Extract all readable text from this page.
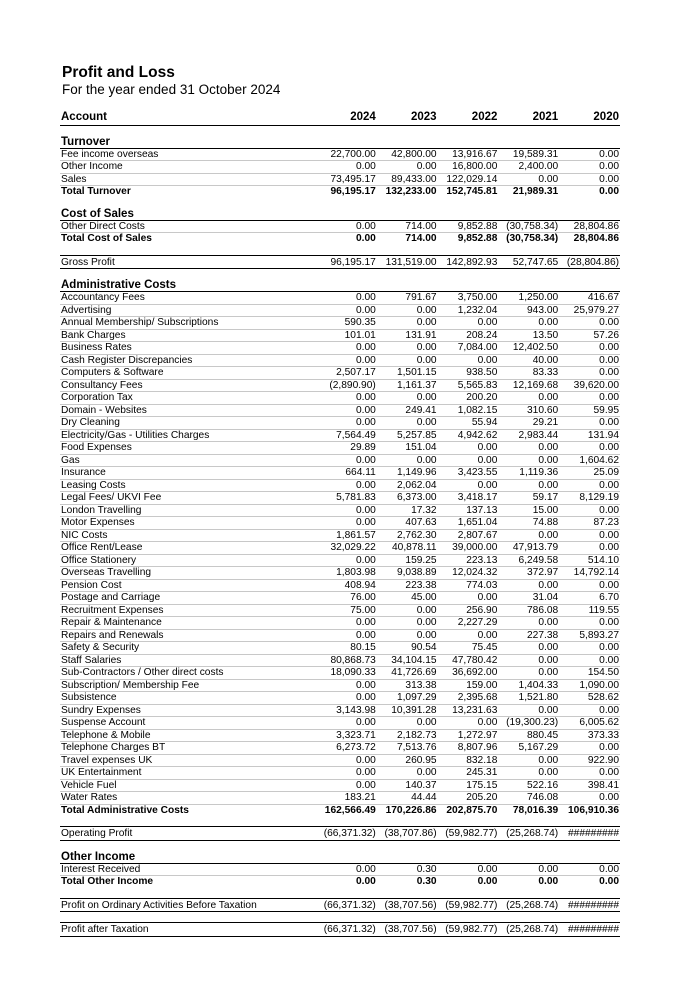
Profit and Loss
For the year ended 31 October 2024
Account	2024	2023	2022	2021	2020

Turnover					
Fee income overseas	22,700.00	42,800.00	13,916.67	19,589.31	0.00
Other Income	0.00	0.00	16,800.00	2,400.00	0.00
Sales	73,495.17	89,433.00	122,029.14	0.00	0.00
Total Turnover	96,195.17	132,233.00	152,745.81	21,989.31	0.00

Cost of Sales					
Other Direct Costs	0.00	714.00	9,852.88	(30,758.34)	28,804.86
Total Cost of Sales	0.00	714.00	9,852.88	(30,758.34)	28,804.86

Gross Profit	96,195.17	131,519.00	142,892.93	52,747.65	(28,804.86)

Administrative Costs					
Accountancy Fees	0.00	791.67	3,750.00	1,250.00	416.67
Advertising	0.00	0.00	1,232.04	943.00	25,979.27
Annual Membership/ Subscriptions	590.35	0.00	0.00	0.00	0.00
Bank Charges	101.01	131.91	208.24	13.50	57.26
Business Rates	0.00	0.00	7,084.00	12,402.50	0.00
Cash Register Discrepancies	0.00	0.00	0.00	40.00	0.00
Computers & Software	2,507.17	1,501.15	938.50	83.33	0.00
Consultancy Fees	(2,890.90)	1,161.37	5,565.83	12,169.68	39,620.00
Corporation Tax	0.00	0.00	200.20	0.00	0.00
Domain - Websites	0.00	249.41	1,082.15	310.60	59.95
Dry Cleaning	0.00	0.00	55.94	29.21	0.00
Electricity/Gas - Utilities Charges	7,564.49	5,257.85	4,942.62	2,983.44	131.94
Food Expenses	29.89	151.04	0.00	0.00	0.00
Gas	0.00	0.00	0.00	0.00	1,604.62
Insurance	664.11	1,149.96	3,423.55	1,119.36	25.09
Leasing Costs	0.00	2,062.04	0.00	0.00	0.00
Legal Fees/ UKVI Fee	5,781.83	6,373.00	3,418.17	59.17	8,129.19
London Travelling	0.00	17.32	137.13	15.00	0.00
Motor Expenses	0.00	407.63	1,651.04	74.88	87.23
NIC Costs	1,861.57	2,762.30	2,807.67	0.00	0.00
Office Rent/Lease	32,029.22	40,878.11	39,000.00	47,913.79	0.00
Office Stationery	0.00	159.25	223.13	6,249.58	514.10
Overseas Travelling	1,803.98	9,038.89	12,024.32	372.97	14,792.14
Pension Cost	408.94	223.38	774.03	0.00	0.00
Postage and Carriage	76.00	45.00	0.00	31.04	6.70
Recruitment Expenses	75.00	0.00	256.90	786.08	119.55
Repair & Maintenance	0.00	0.00	2,227.29	0.00	0.00
Repairs and Renewals	0.00	0.00	0.00	227.38	5,893.27
Safety & Security	80.15	90.54	75.45	0.00	0.00
Staff Salaries	80,868.73	34,104.15	47,780.42	0.00	0.00
Sub-Contractors / Other direct costs	18,090.33	41,726.69	36,692.00	0.00	154.50
Subscription/ Membership Fee	0.00	313.38	159.00	1,404.33	1,090.00
Subsistence	0.00	1,097.29	2,395.68	1,521.80	528.62
Sundry Expenses	3,143.98	10,391.28	13,231.63	0.00	0.00
Suspense Account	0.00	0.00	0.00	(19,300.23)	6,005.62
Telephone & Mobile	3,323.71	2,182.73	1,272.97	880.45	373.33
Telephone Charges BT	6,273.72	7,513.76	8,807.96	5,167.29	0.00
Travel expenses UK	0.00	260.95	832.18	0.00	922.90
UK Entertainment	0.00	0.00	245.31	0.00	0.00
Vehicle Fuel	0.00	140.37	175.15	522.16	398.41
Water Rates	183.21	44.44	205.20	746.08	0.00
Total Administrative Costs	162,566.49	170,226.86	202,875.70	78,016.39	106,910.36

Operating Profit	(66,371.32)	(38,707.86)	(59,982.77)	(25,268.74)	#########

Other Income					
Interest Received	0.00	0.30	0.00	0.00	0.00
Total Other Income	0.00	0.30	0.00	0.00	0.00

Profit on Ordinary Activities Before Taxation	(66,371.32)	(38,707.56)	(59,982.77)	(25,268.74)	#########

Profit after Taxation	(66,371.32)	(38,707.56)	(59,982.77)	(25,268.74)	#########
